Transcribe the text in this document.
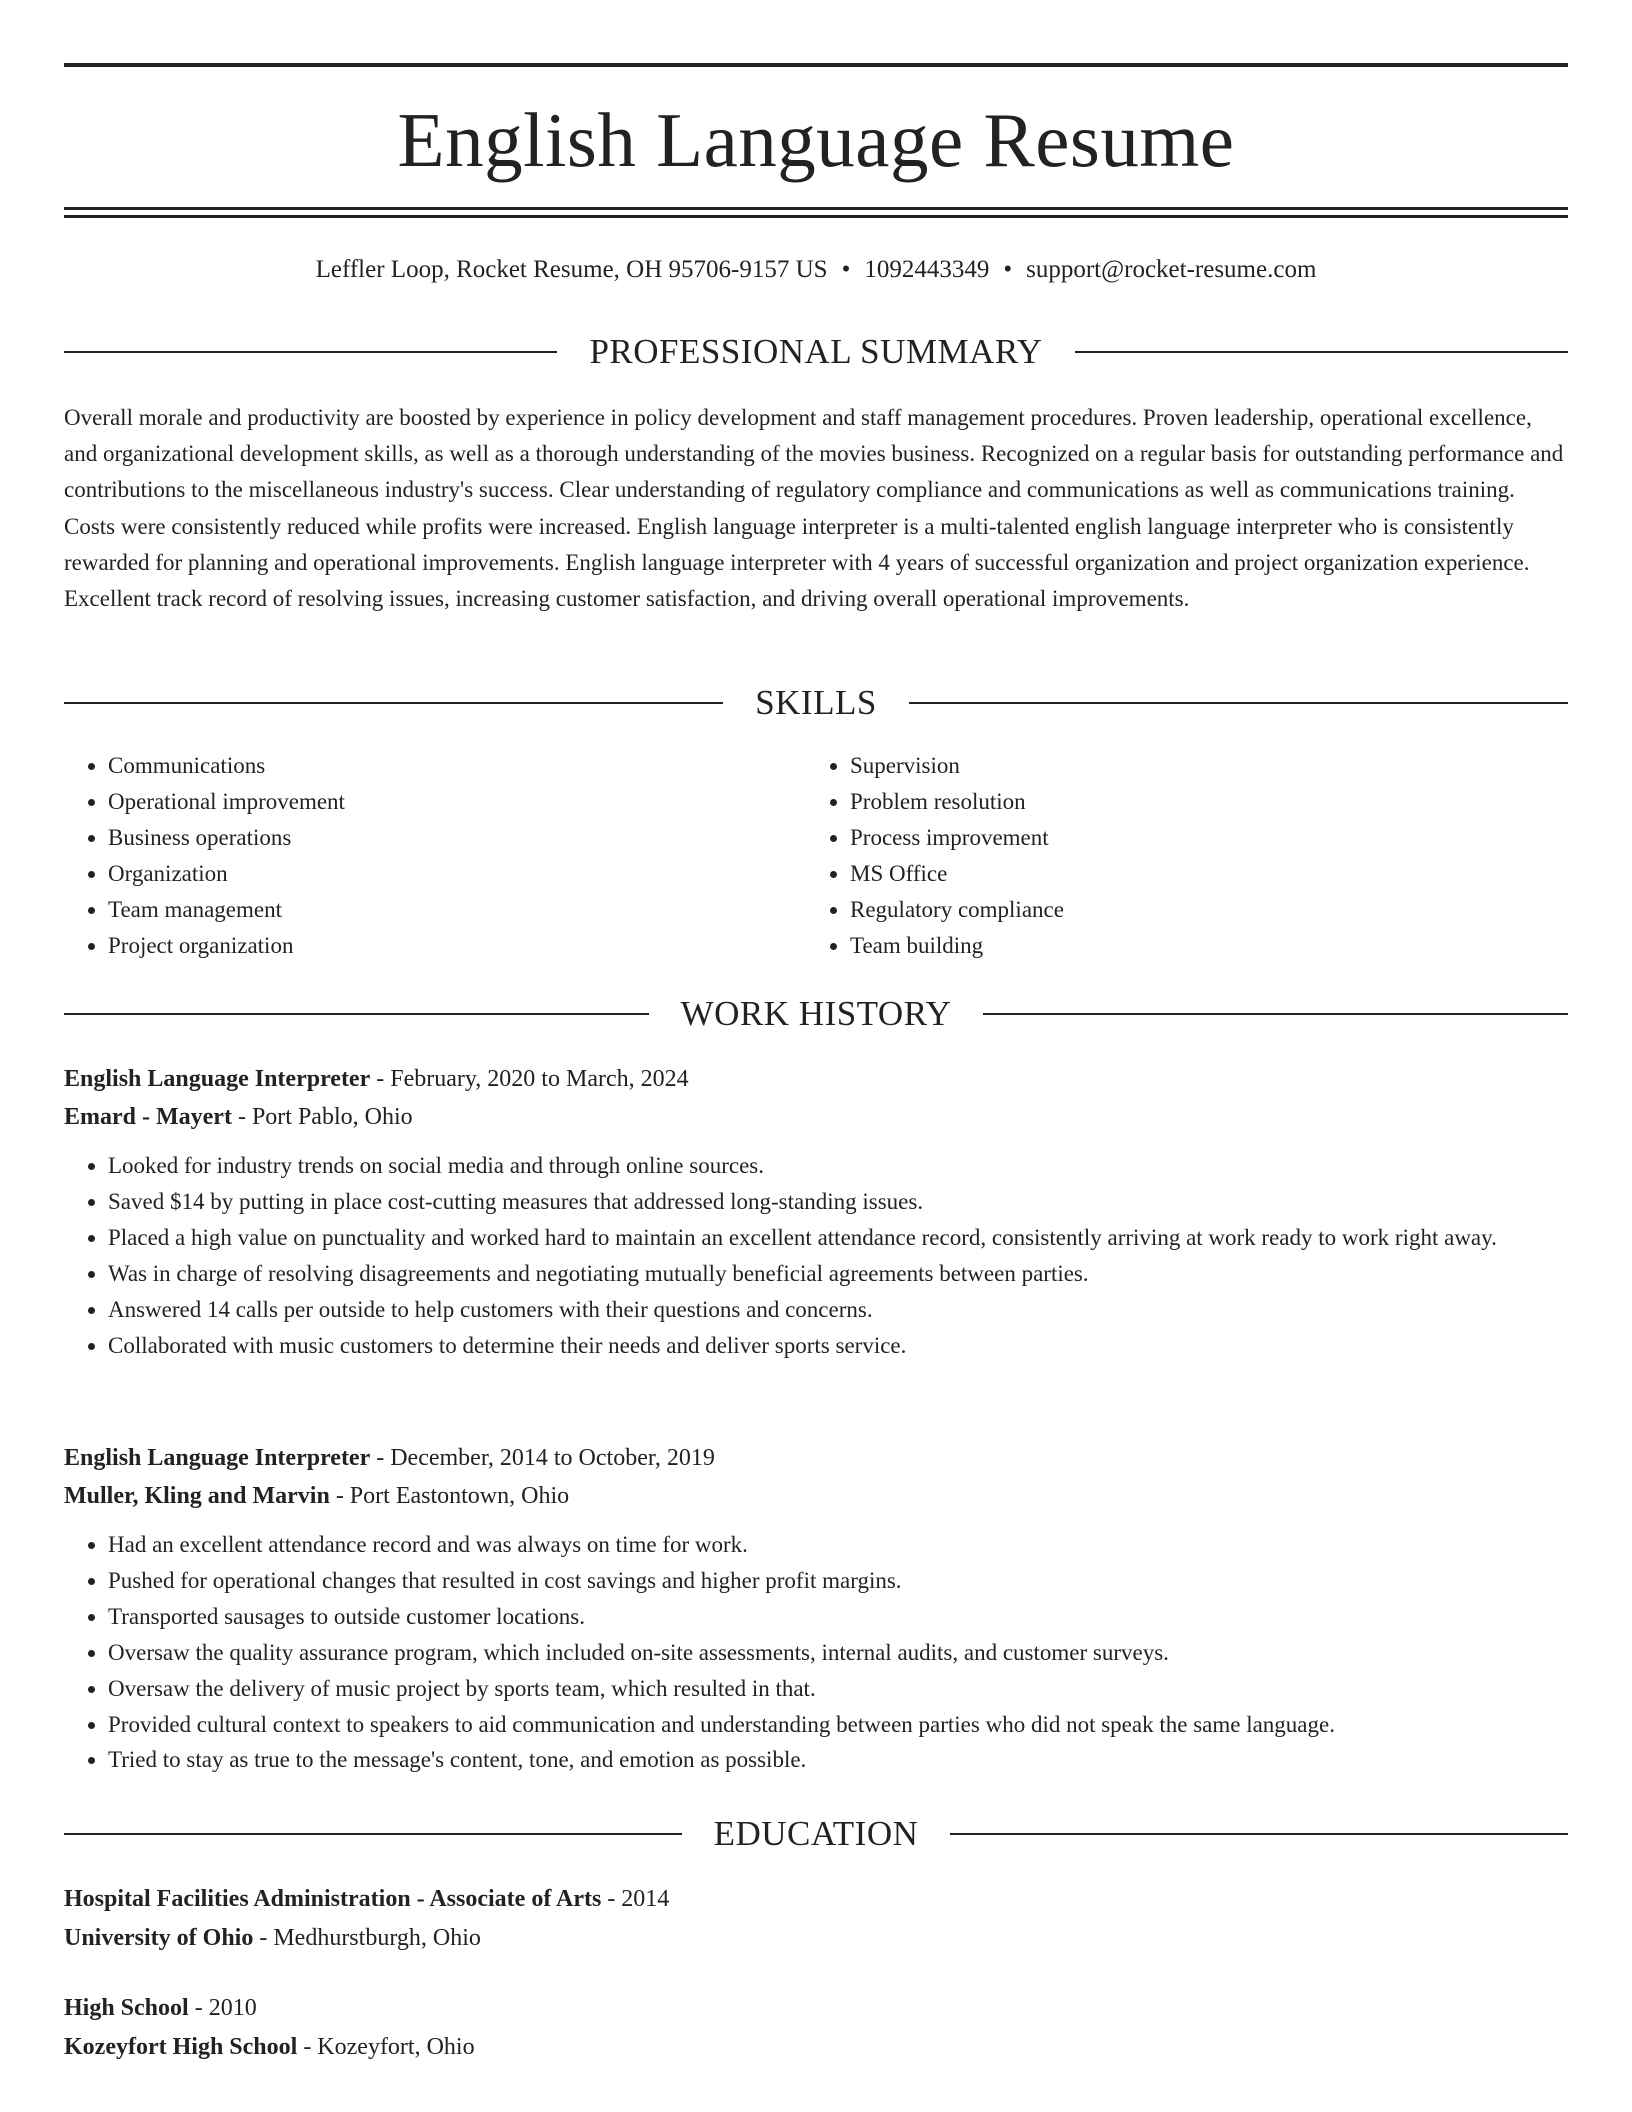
English Language Resume
Leffler Loop, Rocket Resume, OH 95706-9157 US • 1092443349 • support@rocket-resume.com
PROFESSIONAL SUMMARY

Overall morale and productivity are boosted by experience in policy development and staff management procedures. Proven leadership, operational excellence, and organizational development skills, as well as a thorough understanding of the movies business. Recognized on a regular basis for outstanding performance and contributions to the miscellaneous industry's success. Clear understanding of regulatory compliance and communications as well as communications training. Costs were consistently reduced while profits were increased. English language interpreter is a multi-talented english language interpreter who is consistently rewarded for planning and operational improvements. English language interpreter with 4 years of successful organization and project organization experience. Excellent track record of resolving issues, increasing customer satisfaction, and driving overall operational improvements.

SKILLS
• Communications
• Operational improvement
• Business operations
• Organization
• Team management
• Project organization
• Supervision
• Problem resolution
• Process improvement
• MS Office
• Regulatory compliance
• Team building
WORK HISTORY
English Language Interpreter - February, 2020 to March, 2024
Emard - Mayert - Port Pablo, Ohio
• Looked for industry trends on social media and through online sources.
• Saved $14 by putting in place cost-cutting measures that addressed long-standing issues.
• Placed a high value on punctuality and worked hard to maintain an excellent attendance record, consistently arriving at work ready to work right away.
• Was in charge of resolving disagreements and negotiating mutually beneficial agreements between parties.
• Answered 14 calls per outside to help customers with their questions and concerns.
• Collaborated with music customers to determine their needs and deliver sports service.
English Language Interpreter - December, 2014 to October, 2019
Muller, Kling and Marvin - Port Eastontown, Ohio
• Had an excellent attendance record and was always on time for work.
• Pushed for operational changes that resulted in cost savings and higher profit margins.
• Transported sausages to outside customer locations.
• Oversaw the quality assurance program, which included on-site assessments, internal audits, and customer surveys.
• Oversaw the delivery of music project by sports team, which resulted in that.
• Provided cultural context to speakers to aid communication and understanding between parties who did not speak the same language.
• Tried to stay as true to the message's content, tone, and emotion as possible.
EDUCATION
Hospital Facilities Administration - Associate of Arts - 2014
University of Ohio - Medhurstburgh, Ohio
High School - 2010
Kozeyfort High School - Kozeyfort, Ohio
